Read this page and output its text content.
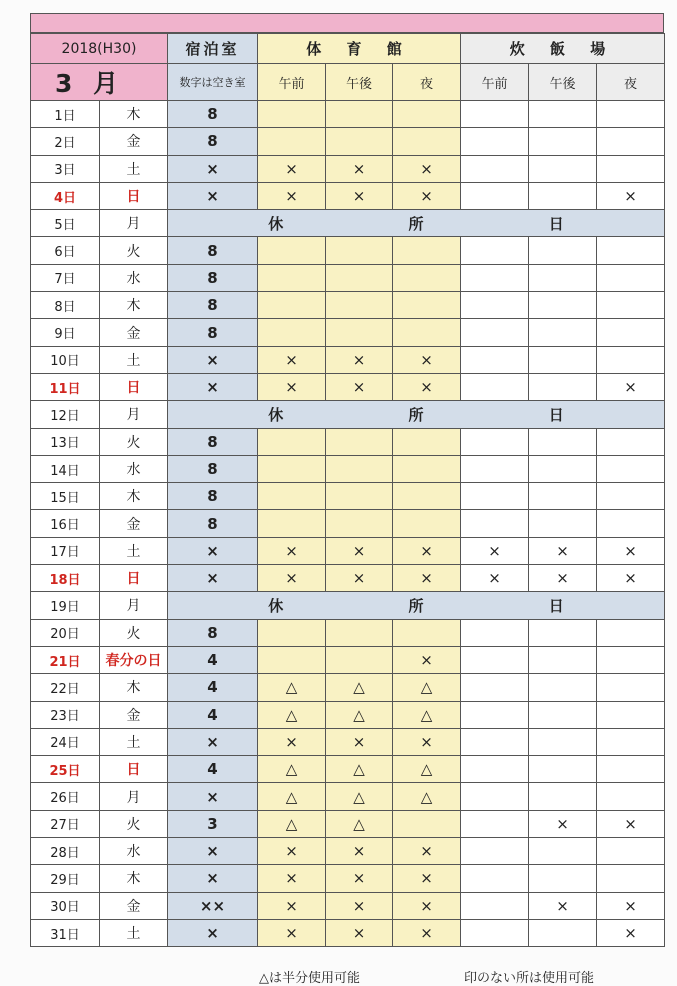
2018(H30)		宿泊室	体 育 館			炊 飯 場		
3 月		数字は空き室	午前	午後	夜	午前	午後	夜
1日	木	8						
2日	金	8						
3日	土	×	×	×	×			
4日	日	×	×	×	×			×
5日	月	休 所 日						
6日	火	8						
7日	水	8						
8日	木	8						
9日	金	8						
10日	土	×	×	×	×			
11日	日	×	×	×	×			×
12日	月	休 所 日						
13日	火	8						
14日	水	8						
15日	木	8						
16日	金	8						
17日	土	×	×	×	×	×	×	×
18日	日	×	×	×	×	×	×	×
19日	月	休 所 日						
20日	火	8						
21日	春分の日	4			×			
22日	木	4	△	△	△			
23日	金	4	△	△	△			
24日	土	×	×	×	×			
25日	日	4	△	△	△			
26日	月	×	△	△	△			
27日	火	3	△	△			×	×
28日	水	×	×	×	×			
29日	木	×	×	×	×			
30日	金	××	×	×	×		×	×
31日	土	×	×	×	×			×
△は半分使用可能	印のない所は使用可能
